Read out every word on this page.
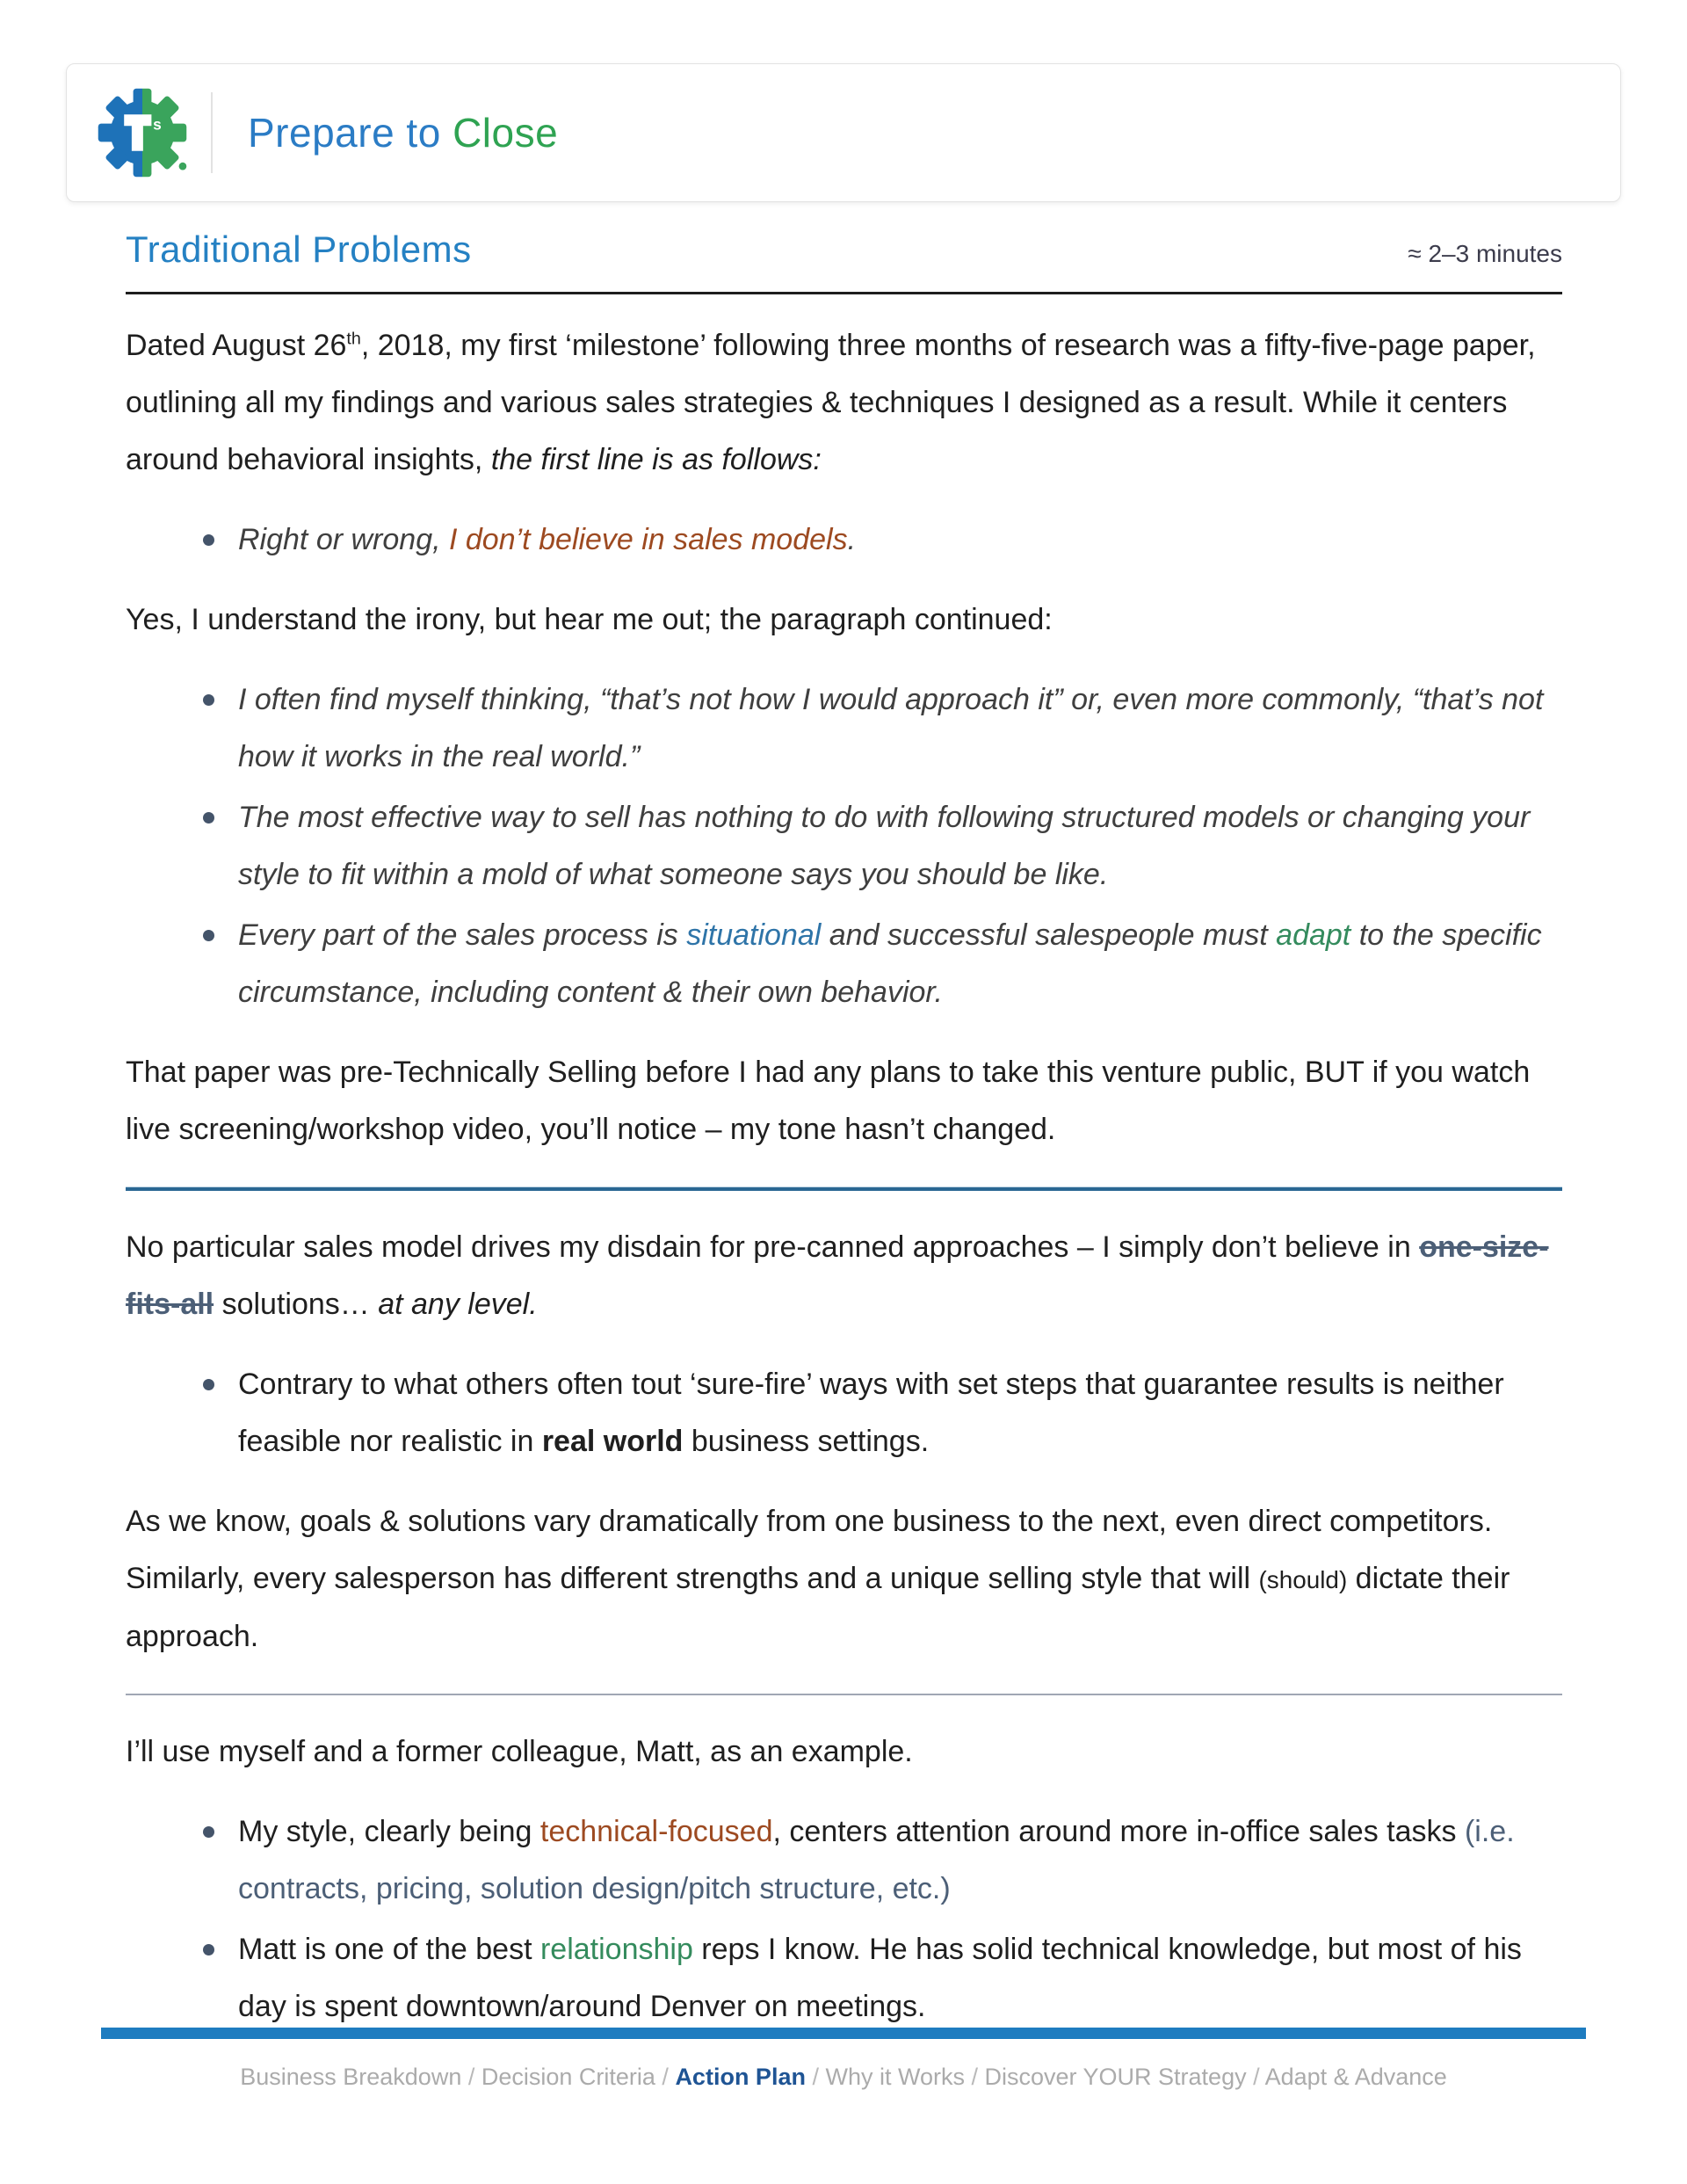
s Prepare to Close
Traditional Problems	≈ 2–3 minutes

Dated August 26th, 2018, my first ‘milestone’ following three months of research was a fifty-five-page paper, outlining all my findings and various sales strategies & techniques I designed as a result. While it centers around behavioral insights, the first line is as follows:

Right or wrong, I don’t believe in sales models.

Yes, I understand the irony, but hear me out; the paragraph continued:

I often find myself thinking, “that’s not how I would approach it” or, even more commonly, “that’s not how it works in the real world.”
The most effective way to sell has nothing to do with following structured models or changing your style to fit within a mold of what someone says you should be like.
Every part of the sales process is situational and successful salespeople must adapt to the specific circumstance, including content & their own behavior.

That paper was pre-Technically Selling before I had any plans to take this venture public, BUT if you watch live screening/workshop video, you’ll notice – my tone hasn’t changed.

No particular sales model drives my disdain for pre-canned approaches – I simply don’t believe in one-size-fits-all solutions… at any level.

Contrary to what others often tout ‘sure-fire’ ways with set steps that guarantee results is neither feasible nor realistic in real world business settings.

As we know, goals & solutions vary dramatically from one business to the next, even direct competitors. Similarly, every salesperson has different strengths and a unique selling style that will (should) dictate their approach.

I’ll use myself and a former colleague, Matt, as an example.

My style, clearly being technical-focused, centers attention around more in-office sales tasks (i.e. contracts, pricing, solution design/pitch structure, etc.)
Matt is one of the best relationship reps I know. He has solid technical knowledge, but most of his day is spent downtown/around Denver on meetings.
Business Breakdown / Decision Criteria / Action Plan / Why it Works / Discover YOUR Strategy / Adapt & Advance
